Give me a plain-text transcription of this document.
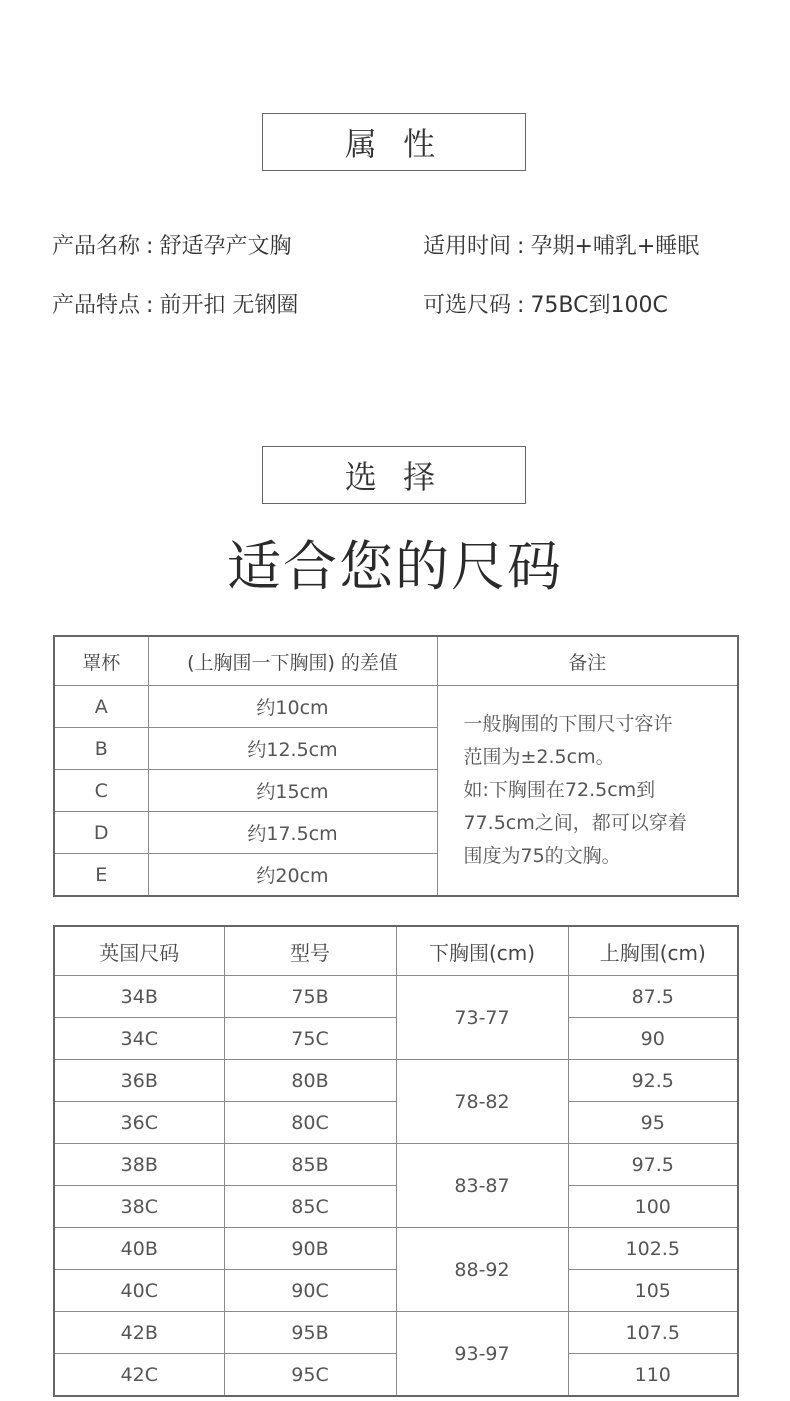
属 性
产品名称 : 舒适孕产文胸	适用时间 : 孕期+哺乳+睡眠
产品特点 : 前开扣 无钢圈	可选尺码 : 75BC到100C
选 择
适合您的尺码
罩杯	(上胸围一下胸围) 的差值	备注
A	约10cm	一般胸围的下围尺寸容许
范围为±2.5cm。
如:下胸围在72.5cm到
77.5cm之间，都可以穿着
围度为75的文胸。

B	约12.5cm	
C	约15cm	
D	约17.5cm	
E	约20cm	
英国尺码	型号	下胸围(cm)	上胸围(cm)
34B	75B	73-77	87.5
34C	75C		90
36B	80B	78-82	92.5
36C	80C		95
38B	85B	83-87	97.5
38C	85C		100
40B	90B	88-92	102.5
40C	90C		105
42B	95B	93-97	107.5
42C	95C		110
